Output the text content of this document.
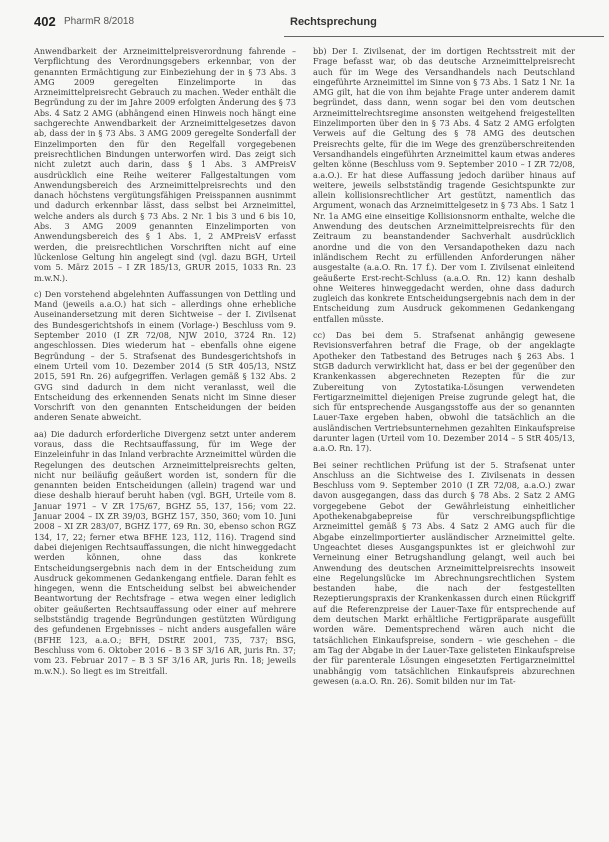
402 PharmR 8/2018	Rechtsprechung

Anwendbarkeit der Arzneimittelpreisverordnung fahrende – Verpflichtung des Verordnungsgebers erkennbar, von der genannten Ermächtigung zur Einbeziehung der in § 73 Abs. 3 AMG 2009 geregelten Einzelimporte in das Arzneimittelpreisrecht Gebrauch zu machen. Weder enthält die Begründung zu der im Jahre 2009 erfolgten Änderung des § 73 Abs. 4 Satz 2 AMG (abhängend einen Hinweis noch hängt eine sachgerechte Anwendbarkeit der Arzneimittelgesetzes davon ab, dass der in § 73 Abs. 3 AMG 2009 geregelte Sonderfall der Einzelimporten den für den Regelfall vorgegebenen preisrechtlichen Bindungen unterworfen wird. Das zeigt sich nicht zuletzt auch darin, dass § 1 Abs. 3 AMPreisV ausdrücklich eine Reihe weiterer Fallgestaltungen vom Anwendungsbereich des Arzneimittelpreisrechts und den danach höchstens vergütungsfähigen Preisspannen ausnimmt und dadurch erkennbar lässt, dass selbst bei Arzneimittel, welche anders als durch § 73 Abs. 2 Nr. 1 bis 3 und 6 bis 10, Abs. 3 AMG 2009 genannten Einzelimporten von Anwendungsbereich des § 1 Abs. 1, 2 AMPreisV erfasst werden, die preisrechtlichen Vorschriften nicht auf eine lückenlose Geltung hin angelegt sind (vgl. dazu BGH, Urteil vom 5. März 2015 – I ZR 185/13, GRUR 2015, 1033 Rn. 23 m.w.N.).

c) Den vorstehend abgelehnten Auffassungen von Dettling und Mand (jeweils a.a.O.) hat sich – allerdings ohne erhebliche Auseinandersetzung mit deren Sichtweise – der I. Zivilsenat des Bundesgerichtshofs in einem (Vorlage-) Beschluss vom 9. September 2010 (I ZR 72/08, NJW 2010, 3724 Rn. 12) angeschlossen. Dies wiederum hat – ebenfalls ohne eigene Begründung – der 5. Strafsenat des Bundesgerichtshofs in einem Urteil vom 10. Dezember 2014 (5 StR 405/13, NStZ 2015, 591 Rn. 26) aufgegriffen. Verlagen gemäß § 132 Abs. 2 GVG sind dadurch in dem nicht veranlasst, weil die Entscheidung des erkennenden Senats nicht im Sinne dieser Vorschrift von den genannten Entscheidungen der beiden anderen Senate abweicht.

aa) Die dadurch erforderliche Divergenz setzt unter anderem voraus, dass die Rechtsauffassung, für im Wege der Einzeleinfuhr in das Inland verbrachte Arzneimittel würden die Regelungen des deutschen Arzneimittelpreisrechts gelten, nicht nur beiläufig geäußert worden ist, sondern für die genannten beiden Entscheidungen (allein) tragend war und diese deshalb hierauf beruht haben (vgl. BGH, Urteile vom 8. Januar 1971 – V ZR 175/67, BGHZ 55, 137, 156; vom 22. Januar 2004 – IX ZR 39/03, BGHZ 157, 350, 360; vom 10. Juni 2008 – XI ZR 283/07, BGHZ 177, 69 Rn. 30, ebenso schon RGZ 134, 17, 22; ferner etwa BFHE 123, 112, 116). Tragend sind dabei diejenigen Rechtsauffassungen, die nicht hinweggedacht werden können, ohne dass das konkrete Entscheidungsergebnis nach dem in der Entscheidung zum Ausdruck gekommenen Gedankengang entfiele. Daran fehlt es hingegen, wenn die Entscheidung selbst bei abweichender Beantwortung der Rechtsfrage – etwa wegen einer lediglich obiter geäußerten Rechtsauffassung oder einer auf mehrere selbstständig tragende Begründungen gestützten Würdigung des gefundenen Ergebnisses – nicht anders ausgefallen wäre (BFHE 123, a.a.O.; BFH, DStRE 2001, 735, 737; BSG, Beschluss vom 6. Oktober 2016 – B 3 SF 3/16 AR, juris Rn. 37; vom 23. Februar 2017 – B 3 SF 3/16 AR, juris Rn. 18; jeweils m.w.N.). So liegt es im Streitfall.

bb) Der I. Zivilsenat, der im dortigen Rechtsstreit mit der Frage befasst war, ob das deutsche Arzneimittelpreisrecht auch für im Wege des Versandhandels nach Deutschland eingeführte Arzneimittel im Sinne von § 73 Abs. 1 Satz 1 Nr. 1a AMG gilt, hat die von ihm bejahte Frage unter anderem damit begründet, dass dann, wenn sogar bei den vom deutschen Arzneimittelrechtsregime ansonsten weitgehend freigestellten Einzelimporten über den in § 73 Abs. 4 Satz 2 AMG erfolgten Verweis auf die Geltung des § 78 AMG des deutschen Preisrechts gelte, für die im Wege des grenzüberschreitenden Versandhandels eingeführten Arzneimittel kaum etwas anderes gelten könne (Beschluss vom 9. September 2010 – I ZR 72/08, a.a.O.). Er hat diese Auffassung jedoch darüber hinaus auf weitere, jeweils selbstständig tragende Gesichtspunkte zur allein kollisionsrechtlicher Art gestützt, namentlich das Argument, wonach das Arzneimittelgesetz in § 73 Abs. 1 Satz 1 Nr. 1a AMG eine einseitige Kollisionsnorm enthalte, welche die Anwendung des deutschen Arzneimittelpreisrechts für den Zeitraum zu beanstandender Sachverhalt ausdrücklich anordne und die von den Versandapotheken dazu nach inländischem Recht zu erfüllenden Anforderungen näher ausgestalte (a.a.O. Rn. 17 f.). Der vom I. Zivilsenat einleitend geäußerte Erst-recht-Schluss (a.a.O. Rn. 12) kann deshalb ohne Weiteres hinweggedacht werden, ohne dass dadurch zugleich das konkrete Entscheidungsergebnis nach dem in der Entscheidung zum Ausdruck gekommenen Gedankengang entfallen müsste.

cc) Das bei dem 5. Strafsenat anhängig gewesene Revisionsverfahren betraf die Frage, ob der angeklagte Apotheker den Tatbestand des Betruges nach § 263 Abs. 1 StGB dadurch verwirklicht hat, dass er bei der gegenüber den Krankenkassen abgerechneten Rezepten für die zur Zubereitung von Zytostatika-Lösungen verwendeten Fertigarzneimittel diejenigen Preise zugrunde gelegt hat, die sich für entsprechende Ausgangsstoffe aus der so genannten Lauer-Taxe ergeben haben, obwohl die tatsächlich an die ausländischen Vertriebsunternehmen gezahlten Einkaufspreise darunter lagen (Urteil vom 10. Dezember 2014 – 5 StR 405/13, a.a.O. Rn. 17).

Bei seiner rechtlichen Prüfung ist der 5. Strafsenat unter Anschluss an die Sichtweise des I. Zivilsenats in dessen Beschluss vom 9. September 2010 (I ZR 72/08, a.a.O.) zwar davon ausgegangen, dass das durch § 78 Abs. 2 Satz 2 AMG vorgegebene Gebot der Gewährleistung einheitlicher Apothekenabgabepreise für verschreibungspflichtige Arzneimittel gemäß § 73 Abs. 4 Satz 2 AMG auch für die Abgabe einzelimportierter ausländischer Arzneimittel gelte. Ungeachtet dieses Ausgangspunktes ist er gleichwohl zur Verneinung einer Betrugshandlung gelangt, weil auch bei Anwendung des deutschen Arzneimittelpreisrechts insoweit eine Regelungslücke im Abrechnungsrechtlichen System bestanden habe, die nach der festgestellten Rezeptierungspraxis der Krankenkassen durch einen Rückgriff auf die Referenzpreise der Lauer-Taxe für entsprechende auf dem deutschen Markt erhältliche Fertigpräparate ausgefüllt worden wäre. Dementsprechend wären auch nicht die tatsächlichen Einkaufspreise, sondern – wie geschehen – die am Tag der Abgabe in der Lauer-Taxe gelisteten Einkaufspreise der für parenterale Lösungen eingesetzten Fertigarzneimittel unabhängig vom tatsächlichen Einkaufspreis abzurechnen gewesen (a.a.O. Rn. 26). Somit bilden nur im Tat-
